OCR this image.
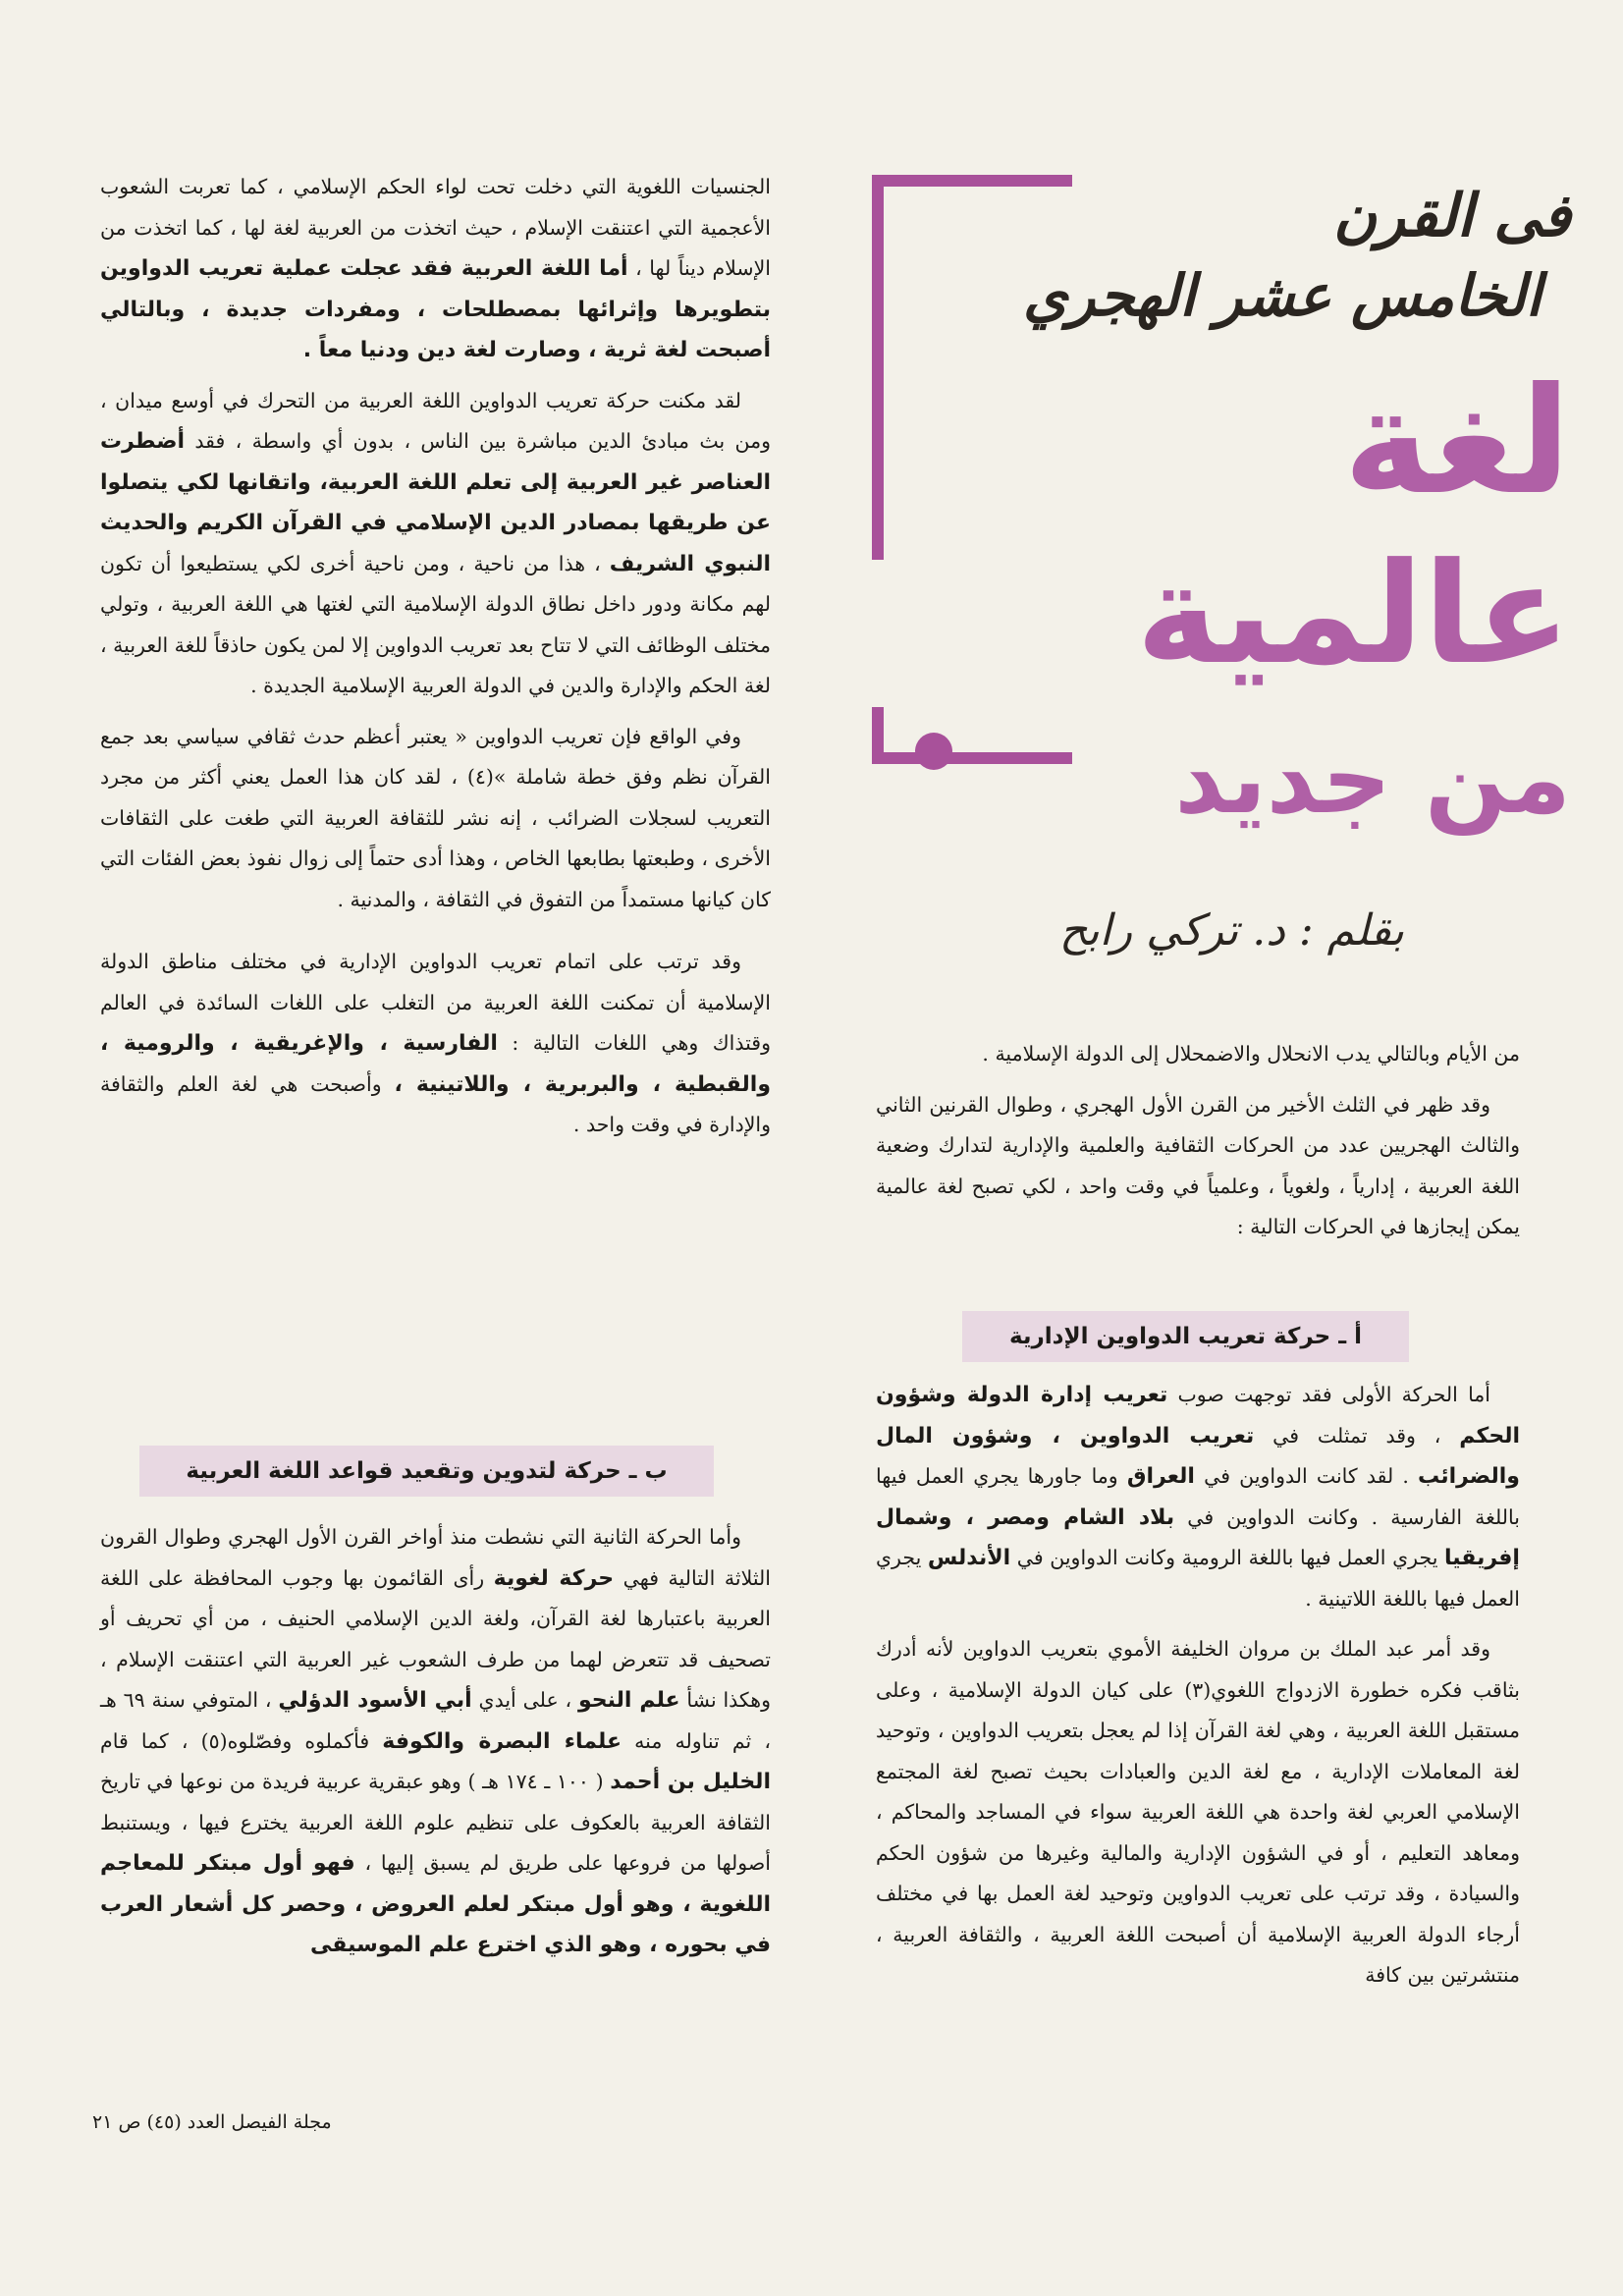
فى القرن
الخامس عشر الهجري
لغة
عالمية
من جديد
بقلم : د. تركي رابح

الجنسيات اللغوية التي دخلت تحت لواء الحكم الإسلامي ، كما تعربت الشعوب الأعجمية التي اعتنقت الإسلام ، حيث اتخذت من العربية لغة لها ، كما اتخذت من الإسلام ديناً لها ، أما اللغة العربية فقد عجلت عملية تعريب الدواوين بتطويرها وإثرائها بمصطلحات ، ومفردات جديدة ، وبالتالي أصبحت لغة ثرية ، وصارت لغة دين ودنيا معاً .

لقد مكنت حركة تعريب الدواوين اللغة العربية من التحرك في أوسع ميدان ، ومن بث مبادئ الدين مباشرة بين الناس ، بدون أي واسطة ، فقد أضطرت العناصر غير العربية إلى تعلم اللغة العربية، واتقانها لكي يتصلوا عن طريقها بمصادر الدين الإسلامي في القرآن الكريم والحديث النبوي الشريف ، هذا من ناحية ، ومن ناحية أخرى لكي يستطيعوا أن تكون لهم مكانة ودور داخل نطاق الدولة الإسلامية التي لغتها هي اللغة العربية ، وتولي مختلف الوظائف التي لا تتاح بعد تعريب الدواوين إلا لمن يكون حاذقاً للغة العربية ، لغة الحكم والإدارة والدين في الدولة العربية الإسلامية الجديدة .

وفي الواقع فإن تعريب الدواوين « يعتبر أعظم حدث ثقافي سياسي بعد جمع القرآن نظم وفق خطة شاملة »(٤) ، لقد كان هذا العمل يعني أكثر من مجرد التعريب لسجلات الضرائب ، إنه نشر للثقافة العربية التي طغت على الثقافات الأخرى ، وطبعتها بطابعها الخاص ، وهذا أدى حتماً إلى زوال نفوذ بعض الفئات التي كان كيانها مستمداً من التفوق في الثقافة ، والمدنية .

وقد ترتب على اتمام تعريب الدواوين الإدارية في مختلف مناطق الدولة الإسلامية أن تمكنت اللغة العربية من التغلب على اللغات السائدة في العالم وقتذاك وهي اللغات التالية : الفارسية ، والإغريقية ، والرومية ، والقبطية ، والبربرية ، واللاتينية ، وأصبحت هي لغة العلم والثقافة والإدارة في وقت واحد .

ب ـ حركة لتدوين وتقعيد قواعد اللغة العربية

وأما الحركة الثانية التي نشطت منذ أواخر القرن الأول الهجري وطوال القرون الثلاثة التالية فهي حركة لغوية رأى القائمون بها وجوب المحافظة على اللغة العربية باعتبارها لغة القرآن، ولغة الدين الإسلامي الحنيف ، من أي تحريف أو تصحيف قد تتعرض لهما من طرف الشعوب غير العربية التي اعتنقت الإسلام ، وهكذا نشأ علم النحو ، على أيدي أبي الأسود الدؤلي ، المتوفي سنة ٦٩ هـ ، ثم تناوله منه علماء البصرة والكوفة فأكملوه وفصّلوه(٥) ، كما قام الخليل بن أحمد ( ١٠٠ ـ ١٧٤ هـ ) وهو عبقرية عربية فريدة من نوعها في تاريخ الثقافة العربية بالعكوف على تنظيم علوم اللغة العربية يخترع فيها ، ويستنبط أصولها من فروعها على طريق لم يسبق إليها ، فهو أول مبتكر للمعاجم اللغوية ، وهو أول مبتكر لعلم العروض ، وحصر كل أشعار العرب في بحوره ، وهو الذي اخترع علم الموسيقى

من الأيام وبالتالي يدب الانحلال والاضمحلال إلى الدولة الإسلامية .

وقد ظهر في الثلث الأخير من القرن الأول الهجري ، وطوال القرنين الثاني والثالث الهجريين عدد من الحركات الثقافية والعلمية والإدارية لتدارك وضعية اللغة العربية ، إدارياً ، ولغوياً ، وعلمياً في وقت واحد ، لكي تصبح لغة عالمية يمكن إيجازها في الحركات التالية :

أ ـ حركة تعريب الدواوين الإدارية

أما الحركة الأولى فقد توجهت صوب تعريب إدارة الدولة وشؤون الحكم ، وقد تمثلت في تعريب الدواوين ، وشؤون المال والضرائب . لقد كانت الدواوين في العراق وما جاورها يجري العمل فيها باللغة الفارسية . وكانت الدواوين في بلاد الشام ومصر ، وشمال إفريقيا يجري العمل فيها باللغة الرومية وكانت الدواوين في الأندلس يجري العمل فيها باللغة اللاتينية .

وقد أمر عبد الملك بن مروان الخليفة الأموي بتعريب الدواوين لأنه أدرك بثاقب فكره خطورة الازدواج اللغوي(٣) على كيان الدولة الإسلامية ، وعلى مستقبل اللغة العربية ، وهي لغة القرآن إذا لم يعجل بتعريب الدواوين ، وتوحيد لغة المعاملات الإدارية ، مع لغة الدين والعبادات بحيث تصبح لغة المجتمع الإسلامي العربي لغة واحدة هي اللغة العربية سواء في المساجد والمحاكم ، ومعاهد التعليم ، أو في الشؤون الإدارية والمالية وغيرها من شؤون الحكم والسيادة ، وقد ترتب على تعريب الدواوين وتوحيد لغة العمل بها في مختلف أرجاء الدولة العربية الإسلامية أن أصبحت اللغة العربية ، والثقافة العربية ، منتشرتين بين كافة

مجلة الفيصل العدد (٤٥) ص ٢١
